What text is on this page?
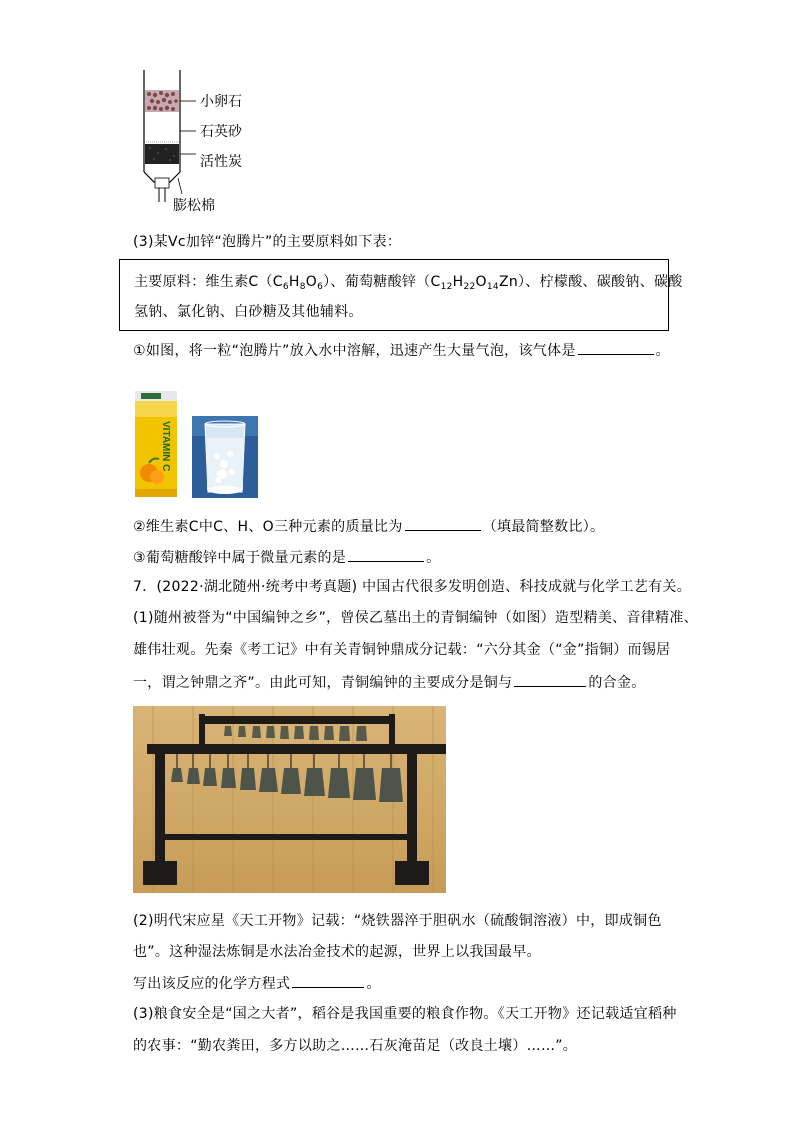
小卵石
石英砂
活性炭
膨松棉
(3)某Vc加锌“泡腾片”的主要原料如下表：
主要原料：维生素$C(C_6H_8O_6)$、葡萄糖酸锌$(C_{12}H_{22}O_{14}Zn)$、柠檬酸、碳酸钠、碳酸
氢钠、氯化钠、白砂糖及其他辅料。
①如图，将一粒“泡腾片”放入水中溶解，迅速产生大量气泡，该气体是	。
VITAMIN C
②维生素C中C、H、O三种元素的质量比为	（填最简整数比）。
③葡萄糖酸锌中属于微量元素的是	。
7．(2022·湖北随州·统考中考真题) 中国古代很多发明创造、科技成就与化学工艺有关。
(1)随州被誉为“中国编钟之乡”，曾侯乙墓出土的青铜编钟（如图）造型精美、音律精准、
雄伟壮观。先秦《考工记》中有关青铜钟鼎成分记载：“六分其金（“金”指铜）而锡居
一，谓之钟鼎之齐”。由此可知，青铜编钟的主要成分是铜与	的合金。
(2)明代宋应星《天工开物》记载：“烧铁器淬于胆矾水（硫酸铜溶液）中，即成铜色
也”。这种湿法炼铜是水法冶金技术的起源，世界上以我国最早。
写出该反应的化学方程式	。
(3)粮食安全是“国之大者”，稻谷是我国重要的粮食作物。《天工开物》还记载适宜稻种
的农事：“勤农粪田，多方以助之……石灰淹苗足（改良土壤）……”。
